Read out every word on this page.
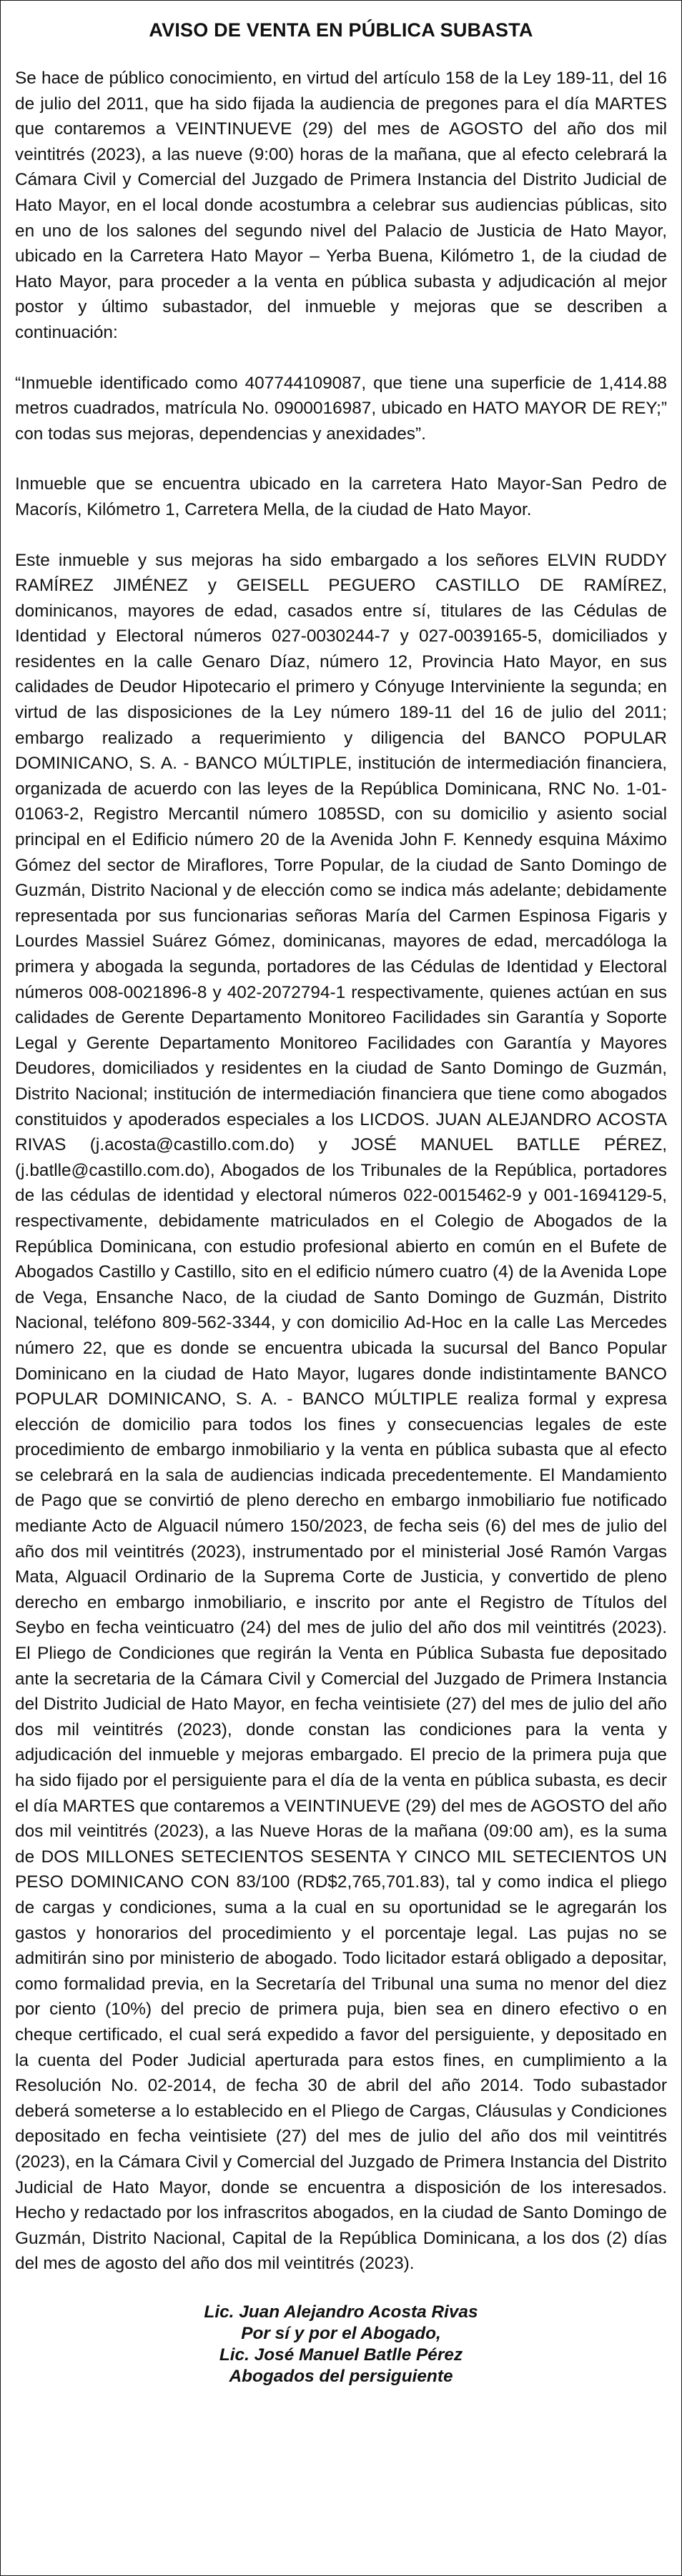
AVISO DE VENTA EN PÚBLICA SUBASTA

Se hace de público conocimiento, en virtud del artículo 158 de la Ley 189-11, del 16 de julio del 2011, que ha sido fijada la audiencia de pregones para el día MARTES que contaremos a VEINTINUEVE (29) del mes de AGOSTO del año dos mil veintitrés (2023), a las nueve (9:00) horas de la mañana, que al efecto celebrará la Cámara Civil y Comercial del Juzgado de Primera Instancia del Distrito Judicial de Hato Mayor, en el local donde acostumbra a celebrar sus audiencias públicas, sito en uno de los salones del segundo nivel del Palacio de Justicia de Hato Mayor, ubicado en la Carretera Hato Mayor – Yerba Buena, Kilómetro 1, de la ciudad de Hato Mayor, para proceder a la venta en pública subasta y adjudicación al mejor postor y último subastador, del inmueble y mejoras que se describen a continuación:

“Inmueble identificado como 407744109087, que tiene una superficie de 1,414.88 metros cuadrados, matrícula No. 0900016987, ubicado en HATO MAYOR DE REY;” con todas sus mejoras, dependencias y anexidades”.

Inmueble que se encuentra ubicado en la carretera Hato Mayor-San Pedro de Macorís, Kilómetro 1, Carretera Mella, de la ciudad de Hato Mayor.

Este inmueble y sus mejoras ha sido embargado a los señores ELVIN RUDDY RAMÍREZ JIMÉNEZ y GEISELL PEGUERO CASTILLO DE RAMÍREZ, dominicanos, mayores de edad, casados entre sí, titulares de las Cédulas de Identidad y Electoral números 027-0030244-7 y 027-0039165-5, domiciliados y residentes en la calle Genaro Díaz, número 12, Provincia Hato Mayor, en sus calidades de Deudor Hipotecario el primero y Cónyuge Interviniente la segunda; en virtud de las disposiciones de la Ley número 189-11 del 16 de julio del 2011; embargo realizado a requerimiento y diligencia del BANCO POPULAR DOMINICANO, S. A. - BANCO MÚLTIPLE, institución de intermediación financiera, organizada de acuerdo con las leyes de la República Dominicana, RNC No. 1-01-01063-2, Registro Mercantil número 1085SD, con su domicilio y asiento social principal en el Edificio número 20 de la Avenida John F. Kennedy esquina Máximo Gómez del sector de Miraflores, Torre Popular, de la ciudad de Santo Domingo de Guzmán, Distrito Nacional y de elección como se indica más adelante; debidamente representada por sus funcionarias señoras María del Carmen Espinosa Figaris y Lourdes Massiel Suárez Gómez, dominicanas, mayores de edad, mercadóloga la primera y abogada la segunda, portadores de las Cédulas de Identidad y Electoral números 008-0021896-8 y 402-2072794-1 respectivamente, quienes actúan en sus calidades de Gerente Departamento Monitoreo Facilidades sin Garantía y Soporte Legal y Gerente Departamento Monitoreo Facilidades con Garantía y Mayores Deudores, domiciliados y residentes en la ciudad de Santo Domingo de Guzmán, Distrito Nacional; institución de intermediación financiera que tiene como abogados constituidos y apoderados especiales a los LICDOS. JUAN ALEJANDRO ACOSTA RIVAS (j.acosta@castillo.com.do) y JOSÉ MANUEL BATLLE PÉREZ, (j.batlle@castillo.com.do), Abogados de los Tribunales de la República, portadores de las cédulas de identidad y electoral números 022-0015462-9 y 001-1694129-5, respectivamente, debidamente matriculados en el Colegio de Abogados de la República Dominicana, con estudio profesional abierto en común en el Bufete de Abogados Castillo y Castillo, sito en el edificio número cuatro (4) de la Avenida Lope de Vega, Ensanche Naco, de la ciudad de Santo Domingo de Guzmán, Distrito Nacional, teléfono 809-562-3344, y con domicilio Ad-Hoc en la calle Las Mercedes número 22, que es donde se encuentra ubicada la sucursal del Banco Popular Dominicano en la ciudad de Hato Mayor, lugares donde indistintamente BANCO POPULAR DOMINICANO, S. A. - BANCO MÚLTIPLE realiza formal y expresa elección de domicilio para todos los fines y consecuencias legales de este procedimiento de embargo inmobiliario y la venta en pública subasta que al efecto se celebrará en la sala de audiencias indicada precedentemente. El Mandamiento de Pago que se convirtió de pleno derecho en embargo inmobiliario fue notificado mediante Acto de Alguacil número 150/2023, de fecha seis (6) del mes de julio del año dos mil veintitrés (2023), instrumentado por el ministerial José Ramón Vargas Mata, Alguacil Ordinario de la Suprema Corte de Justicia, y convertido de pleno derecho en embargo inmobiliario, e inscrito por ante el Registro de Títulos del Seybo en fecha veinticuatro (24) del mes de julio del año dos mil veintitrés (2023). El Pliego de Condiciones que regirán la Venta en Pública Subasta fue depositado ante la secretaria de la Cámara Civil y Comercial del Juzgado de Primera Instancia del Distrito Judicial de Hato Mayor, en fecha veintisiete (27) del mes de julio del año dos mil veintitrés (2023), donde constan las condiciones para la venta y adjudicación del inmueble y mejoras embargado. El precio de la primera puja que ha sido fijado por el persiguiente para el día de la venta en pública subasta, es decir el día MARTES que contaremos a VEINTINUEVE (29) del mes de AGOSTO del año dos mil veintitrés (2023), a las Nueve Horas de la mañana (09:00 am), es la suma de DOS MILLONES SETECIENTOS SESENTA Y CINCO MIL SETECIENTOS UN PESO DOMINICANO CON 83/100 (RD$2,765,701.83), tal y como indica el pliego de cargas y condiciones, suma a la cual en su oportunidad se le agregarán los gastos y honorarios del procedimiento y el porcentaje legal. Las pujas no se admitirán sino por ministerio de abogado. Todo licitador estará obligado a depositar, como formalidad previa, en la Secretaría del Tribunal una suma no menor del diez por ciento (10%) del precio de primera puja, bien sea en dinero efectivo o en cheque certificado, el cual será expedido a favor del persiguiente, y depositado en la cuenta del Poder Judicial aperturada para estos fines, en cumplimiento a la Resolución No. 02-2014, de fecha 30 de abril del año 2014. Todo subastador deberá someterse a lo establecido en el Pliego de Cargas, Cláusulas y Condiciones depositado en fecha veintisiete (27) del mes de julio del año dos mil veintitrés (2023), en la Cámara Civil y Comercial del Juzgado de Primera Instancia del Distrito Judicial de Hato Mayor, donde se encuentra a disposición de los interesados. Hecho y redactado por los infrascritos abogados, en la ciudad de Santo Domingo de Guzmán, Distrito Nacional, Capital de la República Dominicana, a los dos (2) días del mes de agosto del año dos mil veintitrés (2023).

Lic. Juan Alejandro Acosta Rivas
Por sí y por el Abogado,
Lic. José Manuel Batlle Pérez
Abogados del persiguiente
